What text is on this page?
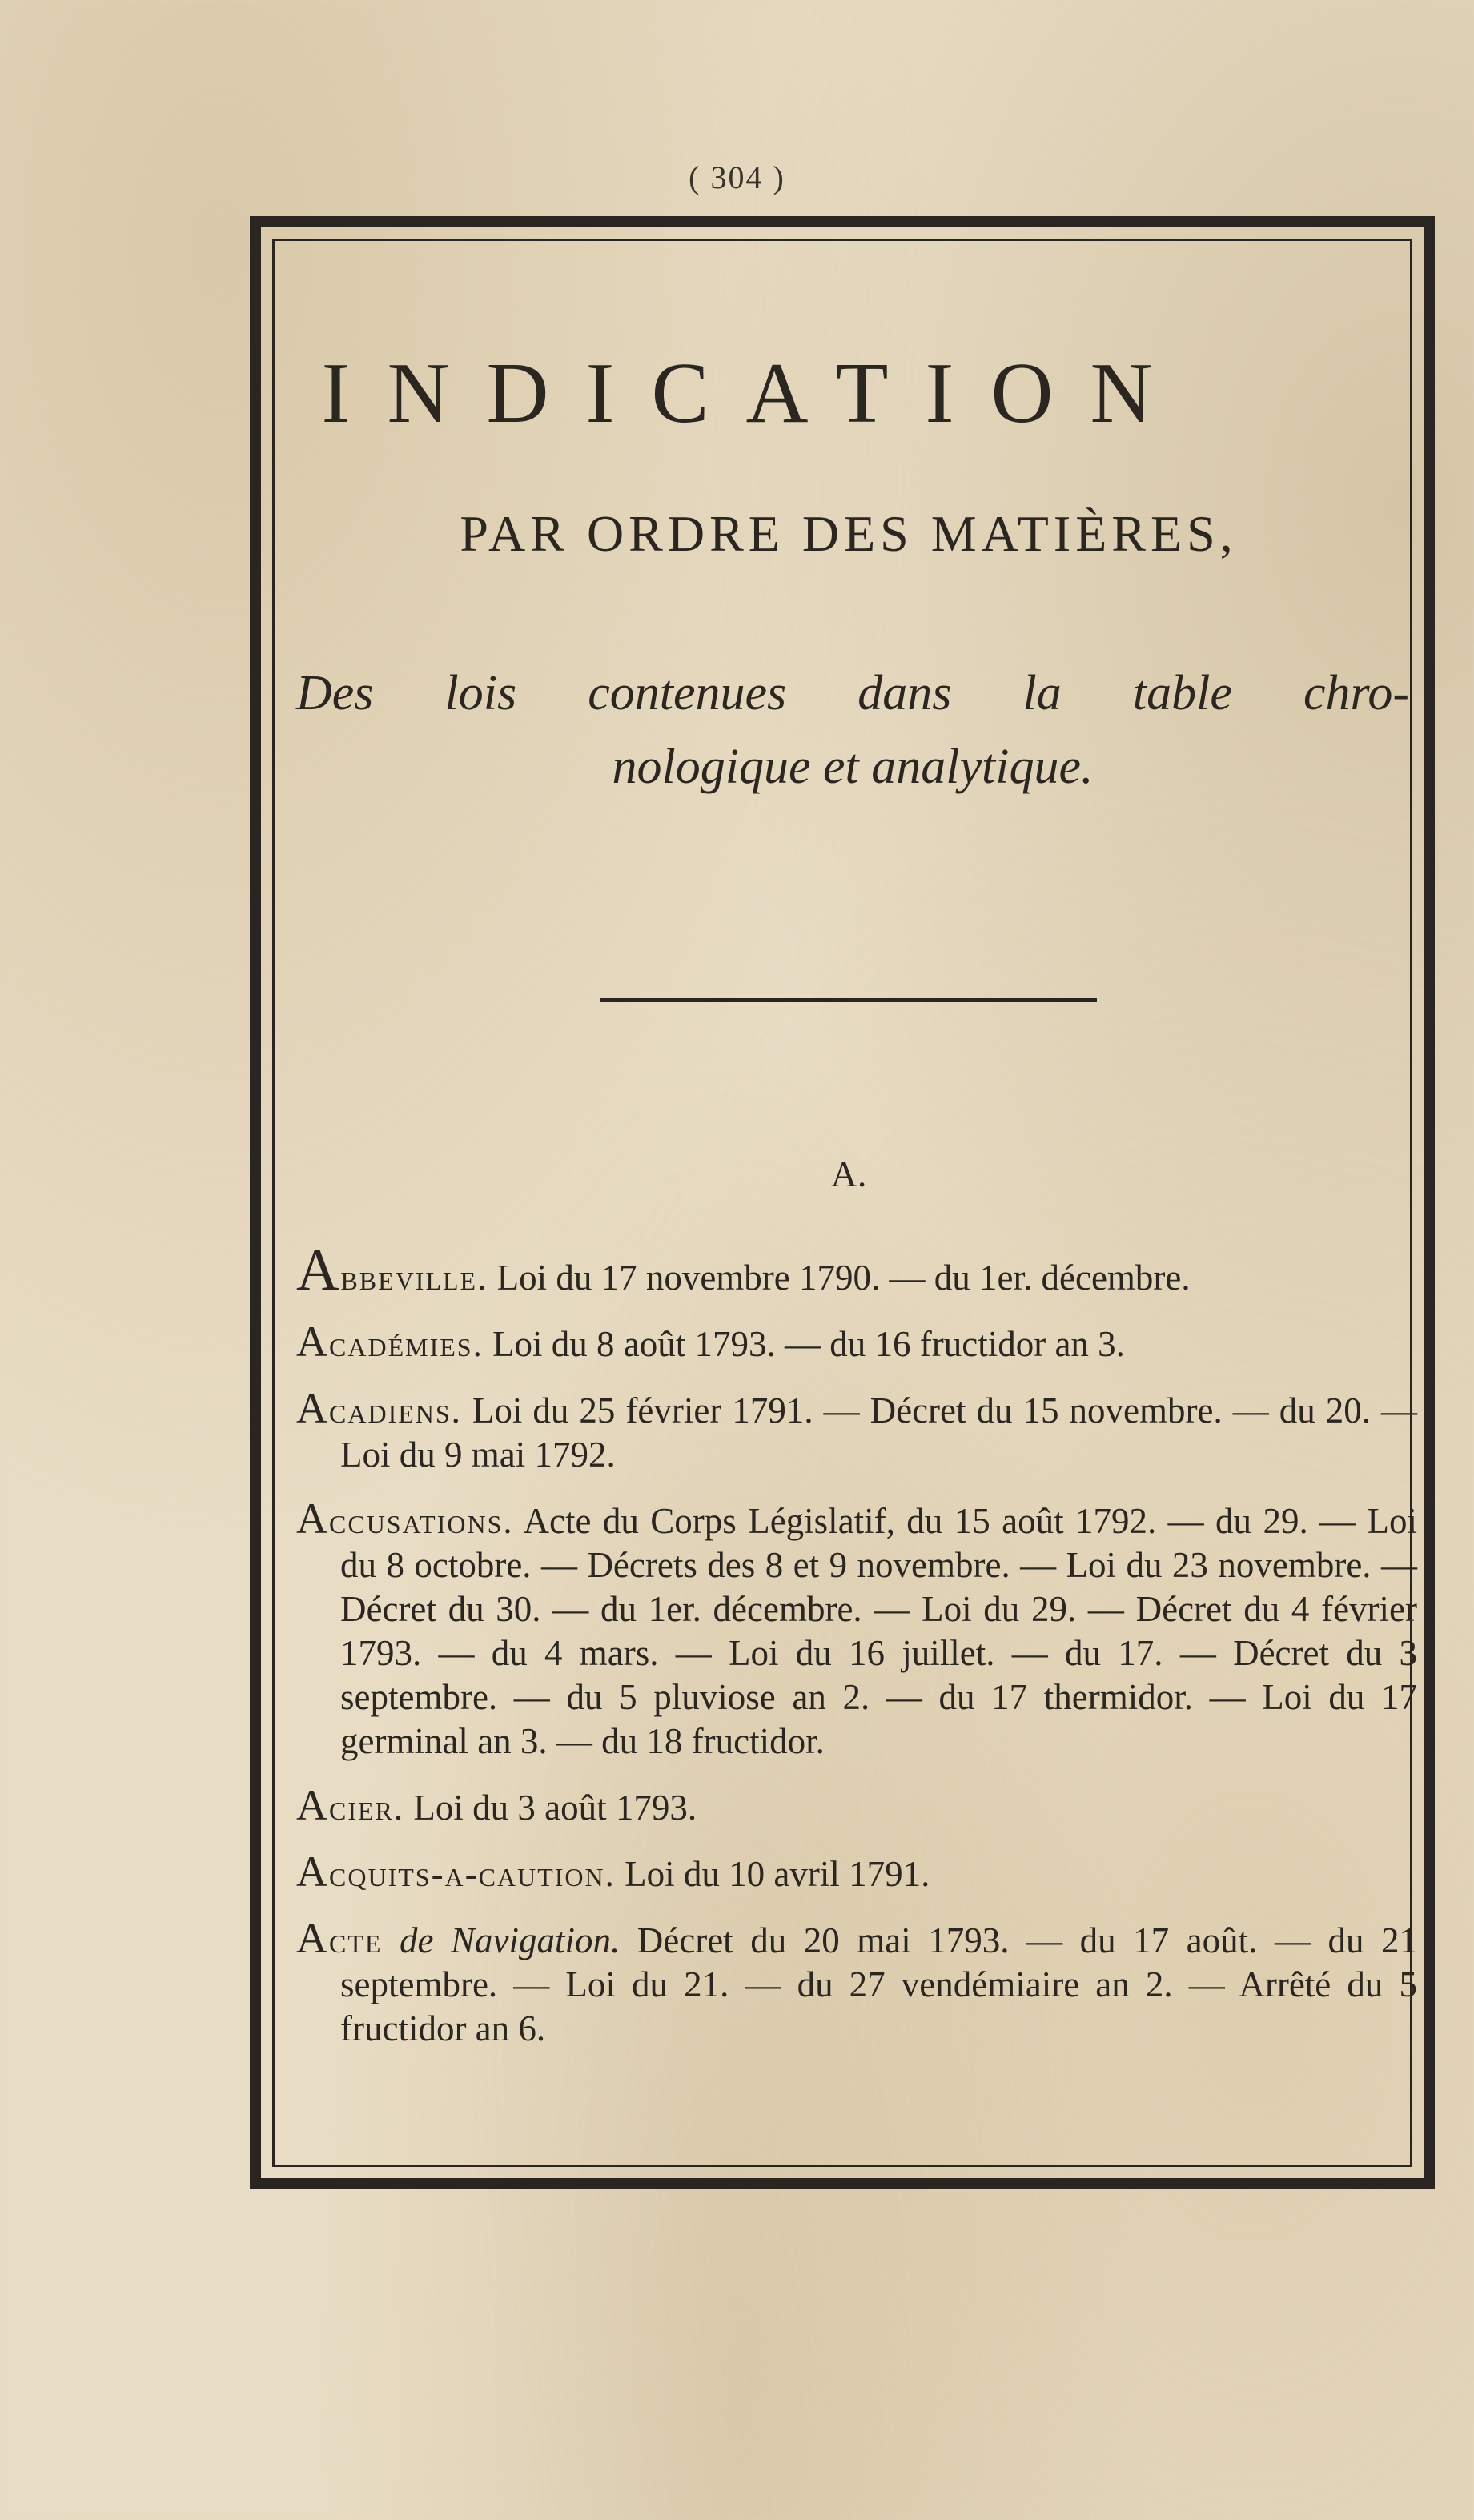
( 304 )
INDICATION
PAR ORDRE DES MATIÈRES,
Des lois contenues dans la table chro-
nologique et analytique.
A.

Abbeville. Loi du 17 novembre 1790. — du 1er. décembre.

Académies. Loi du 8 août 1793. — du 16 fructidor an 3.

Acadiens. Loi du 25 février 1791. — Décret du 15 novembre. — du 20. — Loi du 9 mai 1792.

Accusations. Acte du Corps Législatif, du 15 août 1792. — du 29. — Loi du 8 octobre. — Décrets des 8 et 9 novembre. — Loi du 23 novembre. — Décret du 30. — du 1er. décembre. — Loi du 29. — Décret du 4 février 1793. — du 4 mars. — Loi du 16 juillet. — du 17. — Décret du 3 septembre. — du 5 pluviose an 2. — du 17 thermidor. — Loi du 17 germinal an 3. — du 18 fructidor.

Acier. Loi du 3 août 1793.

Acquits-a-caution. Loi du 10 avril 1791.

Acte de Navigation. Décret du 20 mai 1793. — du 17 août. — du 21 septembre. — Loi du 21. — du 27 vendémiaire an 2. — Arrêté du 5 fructidor an 6.
